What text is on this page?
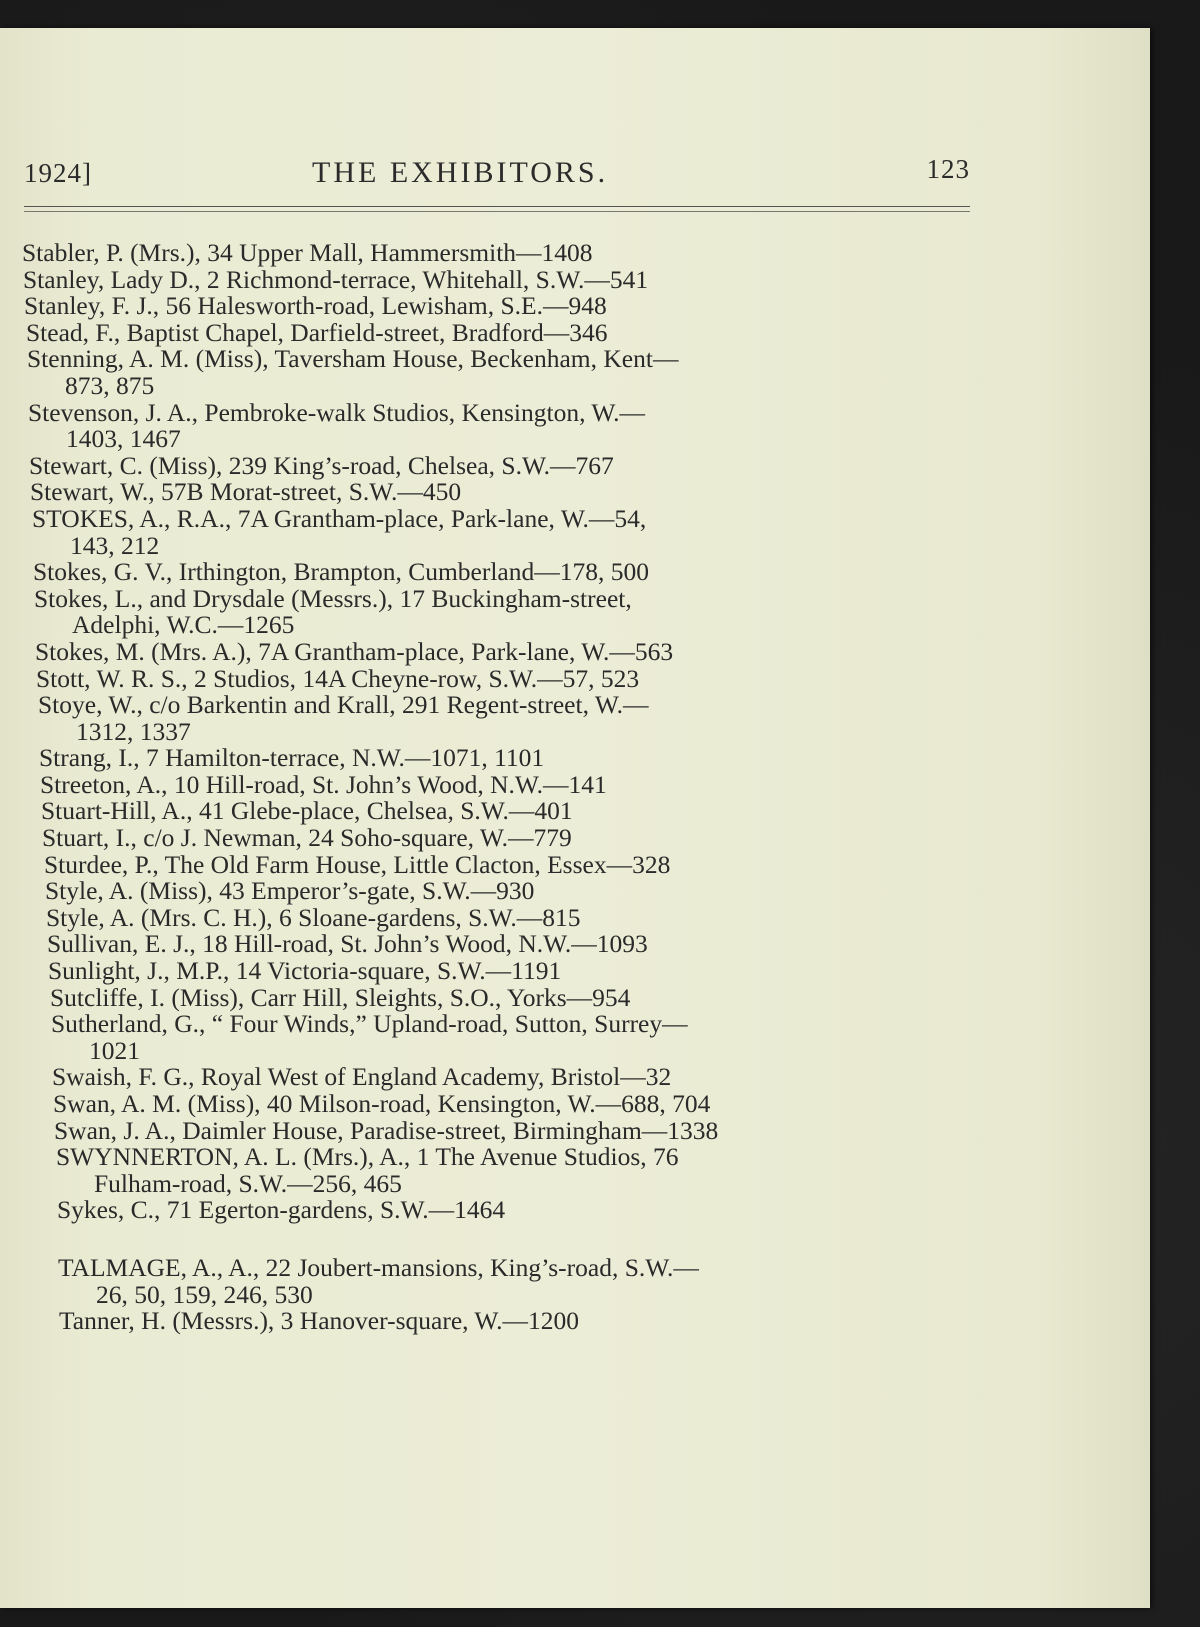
1924]	THE EXHIBITORS.	123
Stabler, P. (Mrs.), 34 Upper Mall, Hammersmith—1408
Stanley, Lady D., 2 Richmond-terrace, Whitehall, S.W.—541
Stanley, F. J., 56 Halesworth-road, Lewisham, S.E.—948
Stead, F., Baptist Chapel, Darfield-street, Bradford—346
Stenning, A. M. (Miss), Taversham House, Beckenham, Kent—
873, 875
Stevenson, J. A., Pembroke-walk Studios, Kensington, W.—
1403, 1467
Stewart, C. (Miss), 239 King’s-road, Chelsea, S.W.—767
Stewart, W., 57B Morat-street, S.W.—450
STOKES, A., R.A., 7A Grantham-place, Park-lane, W.—54,
143, 212
Stokes, G. V., Irthington, Brampton, Cumberland—178, 500
Stokes, L., and Drysdale (Messrs.), 17 Buckingham-street,
Adelphi, W.C.—1265
Stokes, M. (Mrs. A.), 7A Grantham-place, Park-lane, W.—563
Stott, W. R. S., 2 Studios, 14A Cheyne-row, S.W.—57, 523
Stoye, W., c/o Barkentin and Krall, 291 Regent-street, W.—
1312, 1337
Strang, I., 7 Hamilton-terrace, N.W.—1071, 1101
Streeton, A., 10 Hill-road, St. John’s Wood, N.W.—141
Stuart-Hill, A., 41 Glebe-place, Chelsea, S.W.—401
Stuart, I., c/o J. Newman, 24 Soho-square, W.—779
Sturdee, P., The Old Farm House, Little Clacton, Essex—328
Style, A. (Miss), 43 Emperor’s-gate, S.W.—930
Style, A. (Mrs. C. H.), 6 Sloane-gardens, S.W.—815
Sullivan, E. J., 18 Hill-road, St. John’s Wood, N.W.—1093
Sunlight, J., M.P., 14 Victoria-square, S.W.—1191
Sutcliffe, I. (Miss), Carr Hill, Sleights, S.O., Yorks—954
Sutherland, G., “ Four Winds,” Upland-road, Sutton, Surrey—
1021
Swaish, F. G., Royal West of England Academy, Bristol—32
Swan, A. M. (Miss), 40 Milson-road, Kensington, W.—688, 704
Swan, J. A., Daimler House, Paradise-street, Birmingham—1338
SWYNNERTON, A. L. (Mrs.), A., 1 The Avenue Studios, 76
Fulham-road, S.W.—256, 465
Sykes, C., 71 Egerton-gardens, S.W.—1464
TALMAGE, A., A., 22 Joubert-mansions, King’s-road, S.W.—
26, 50, 159, 246, 530
Tanner, H. (Messrs.), 3 Hanover-square, W.—1200
